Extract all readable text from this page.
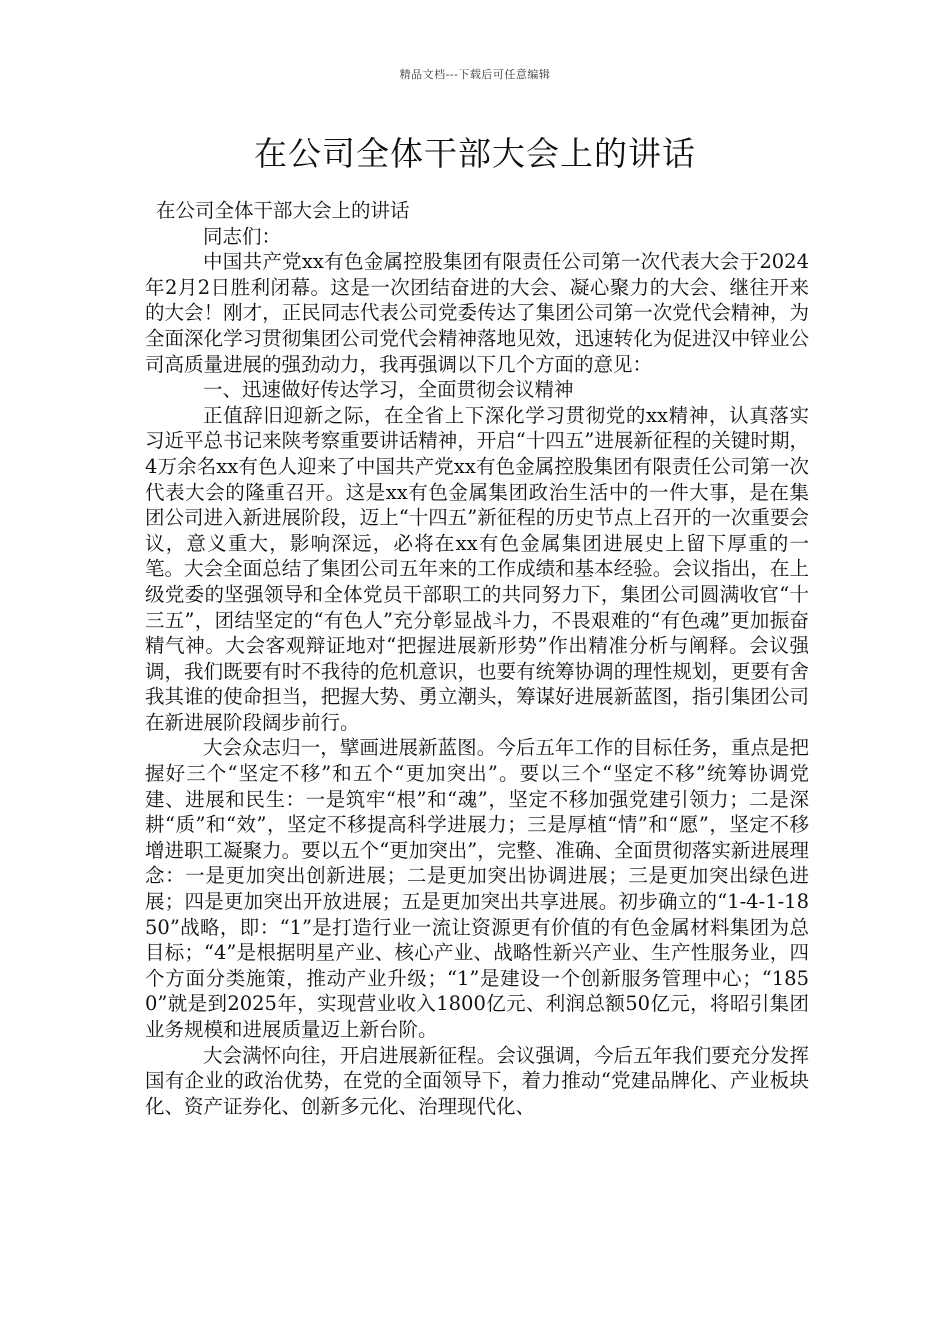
精品文档---下载后可任意编辑
在公司全体干部大会上的讲话

在公司全体干部大会上的讲话

同志们：

中国共产党xx有色金属控股集团有限责任公司第一次代表大会于2024年2月2日胜利闭幕。这是一次团结奋进的大会、凝心聚力的大会、继往开来的大会！刚才，正民同志代表公司党委传达了集团公司第一次党代会精神，为全面深化学习贯彻集团公司党代会精神落地见效，迅速转化为促进汉中锌业公司高质量进展的强劲动力，我再强调以下几个方面的意见：

一、迅速做好传达学习，全面贯彻会议精神

正值辞旧迎新之际，在全省上下深化学习贯彻党的xx精神，认真落实习近平总书记来陕考察重要讲话精神，开启“十四五”进展新征程的关键时期，4万余名xx有色人迎来了中国共产党xx有色金属控股集团有限责任公司第一次代表大会的隆重召开。这是xx有色金属集团政治生活中的一件大事，是在集团公司进入新进展阶段，迈上“十四五”新征程的历史节点上召开的一次重要会议，意义重大，影响深远，必将在xx有色金属集团进展史上留下厚重的一笔。大会全面总结了集团公司五年来的工作成绩和基本经验。会议指出，在上级党委的坚强领导和全体党员干部职工的共同努力下，集团公司圆满收官“十三五”，团结坚定的“有色人”充分彰显战斗力，不畏艰难的“有色魂”更加振奋精气神。大会客观辩证地对“把握进展新形势”作出精准分析与阐释。会议强调，我们既要有时不我待的危机意识，也要有统筹协调的理性规划，更要有舍我其谁的使命担当，把握大势、勇立潮头，筹谋好进展新蓝图，指引集团公司在新进展阶段阔步前行。

大会众志归一，擘画进展新蓝图。今后五年工作的目标任务，重点是把握好三个“坚定不移”和五个“更加突出”。要以三个“坚定不移”统筹协调党建、进展和民生：一是筑牢“根”和“魂”，坚定不移加强党建引领力；二是深耕“质”和“效”，坚定不移提高科学进展力；三是厚植“情”和“愿”，坚定不移增进职工凝聚力。要以五个“更加突出”，完整、准确、全面贯彻落实新进展理念：一是更加突出创新进展；二是更加突出协调进展；三是更加突出绿色进展；四是更加突出开放进展；五是更加突出共享进展。初步确立的“1-4-1-1850”战略，即：“1”是打造行业一流让资源更有价值的有色金属材料集团为总目标；“4”是根据明星产业、核心产业、战略性新兴产业、生产性服务业，四个方面分类施策，推动产业升级；“1”是建设一个创新服务管理中心；“1850”就是到2025年，实现营业收入1800亿元、利润总额50亿元，将昭引集团业务规模和进展质量迈上新台阶。

大会满怀向往，开启进展新征程。会议强调，今后五年我们要充分发挥国有企业的政治优势，在党的全面领导下，着力推动“党建品牌化、产业板块化、资产证券化、创新多元化、治理现代化、
